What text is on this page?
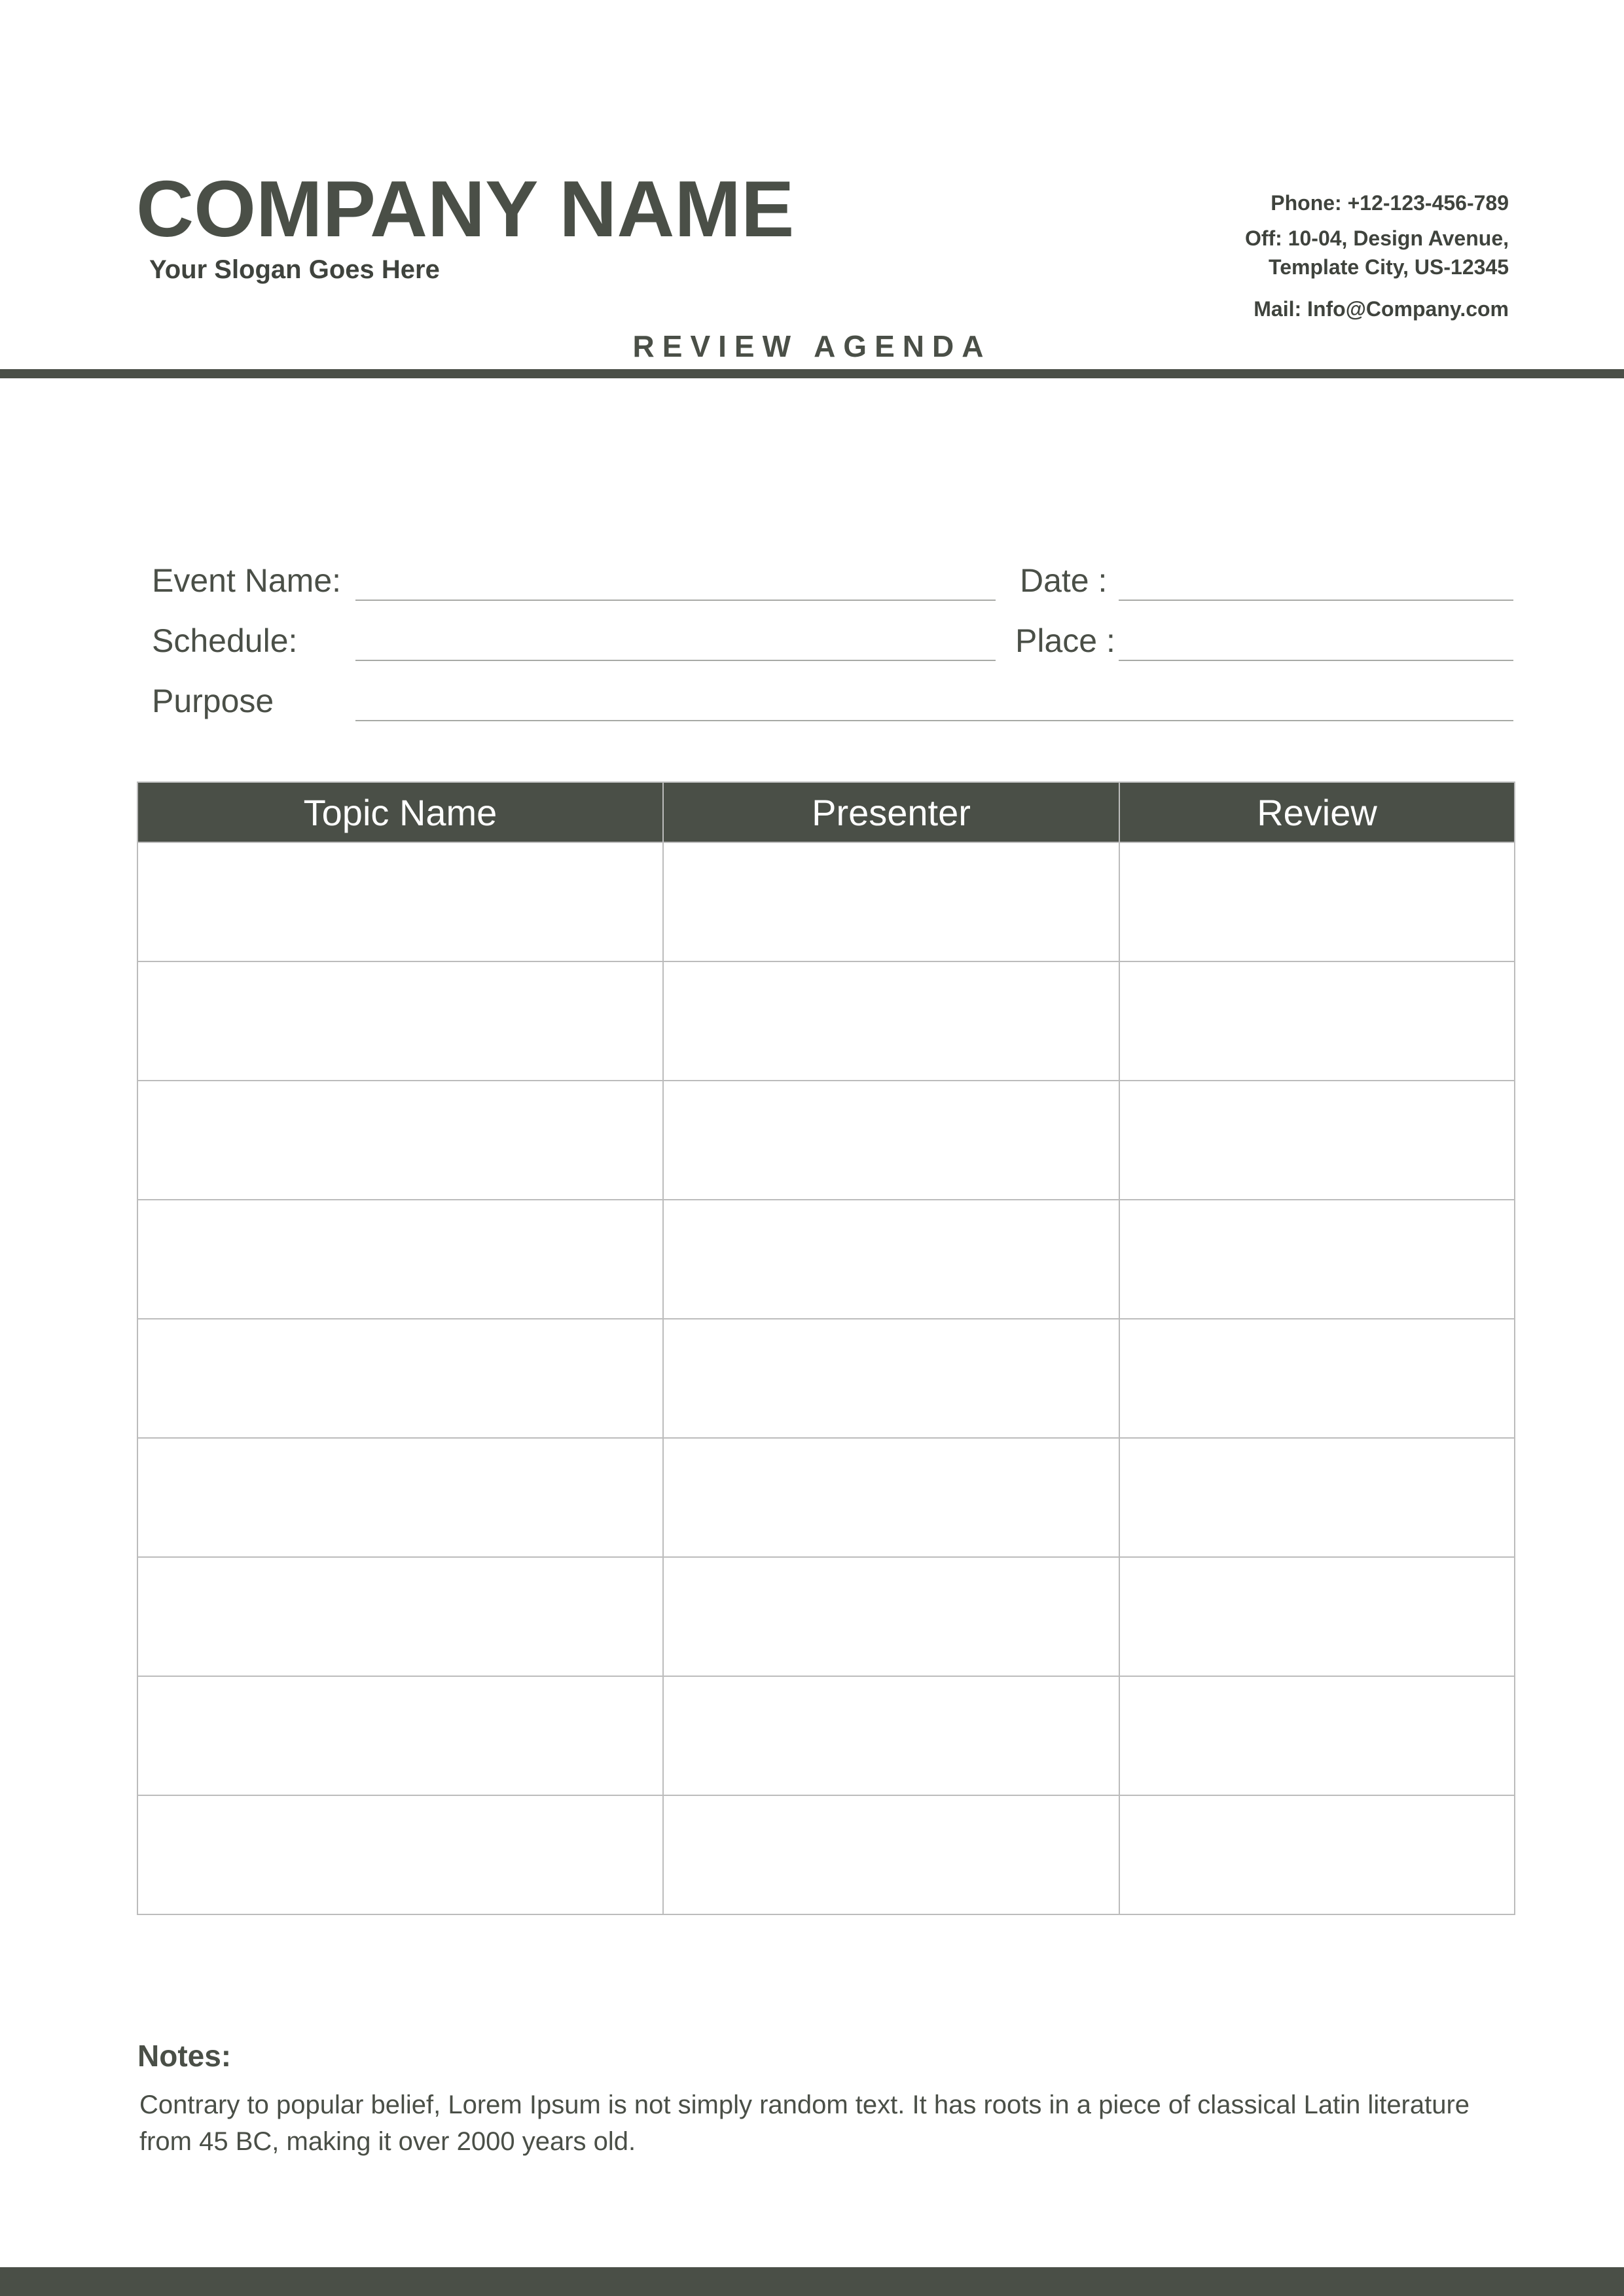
COMPANY NAME
Your Slogan Goes Here
Phone: +12-123-456-789
Off: 10-04, Design Avenue,
Template City, US-12345
Mail: Info@Company.com
REVIEW AGENDA
Event Name:	Date :
Schedule:	Place :
Purpose
Topic Name	Presenter	Review

Notes:
Contrary to popular belief, Lorem Ipsum is not simply random text. It has roots in a piece of classical Latin literature from 45 BC, making it over 2000 years old.
